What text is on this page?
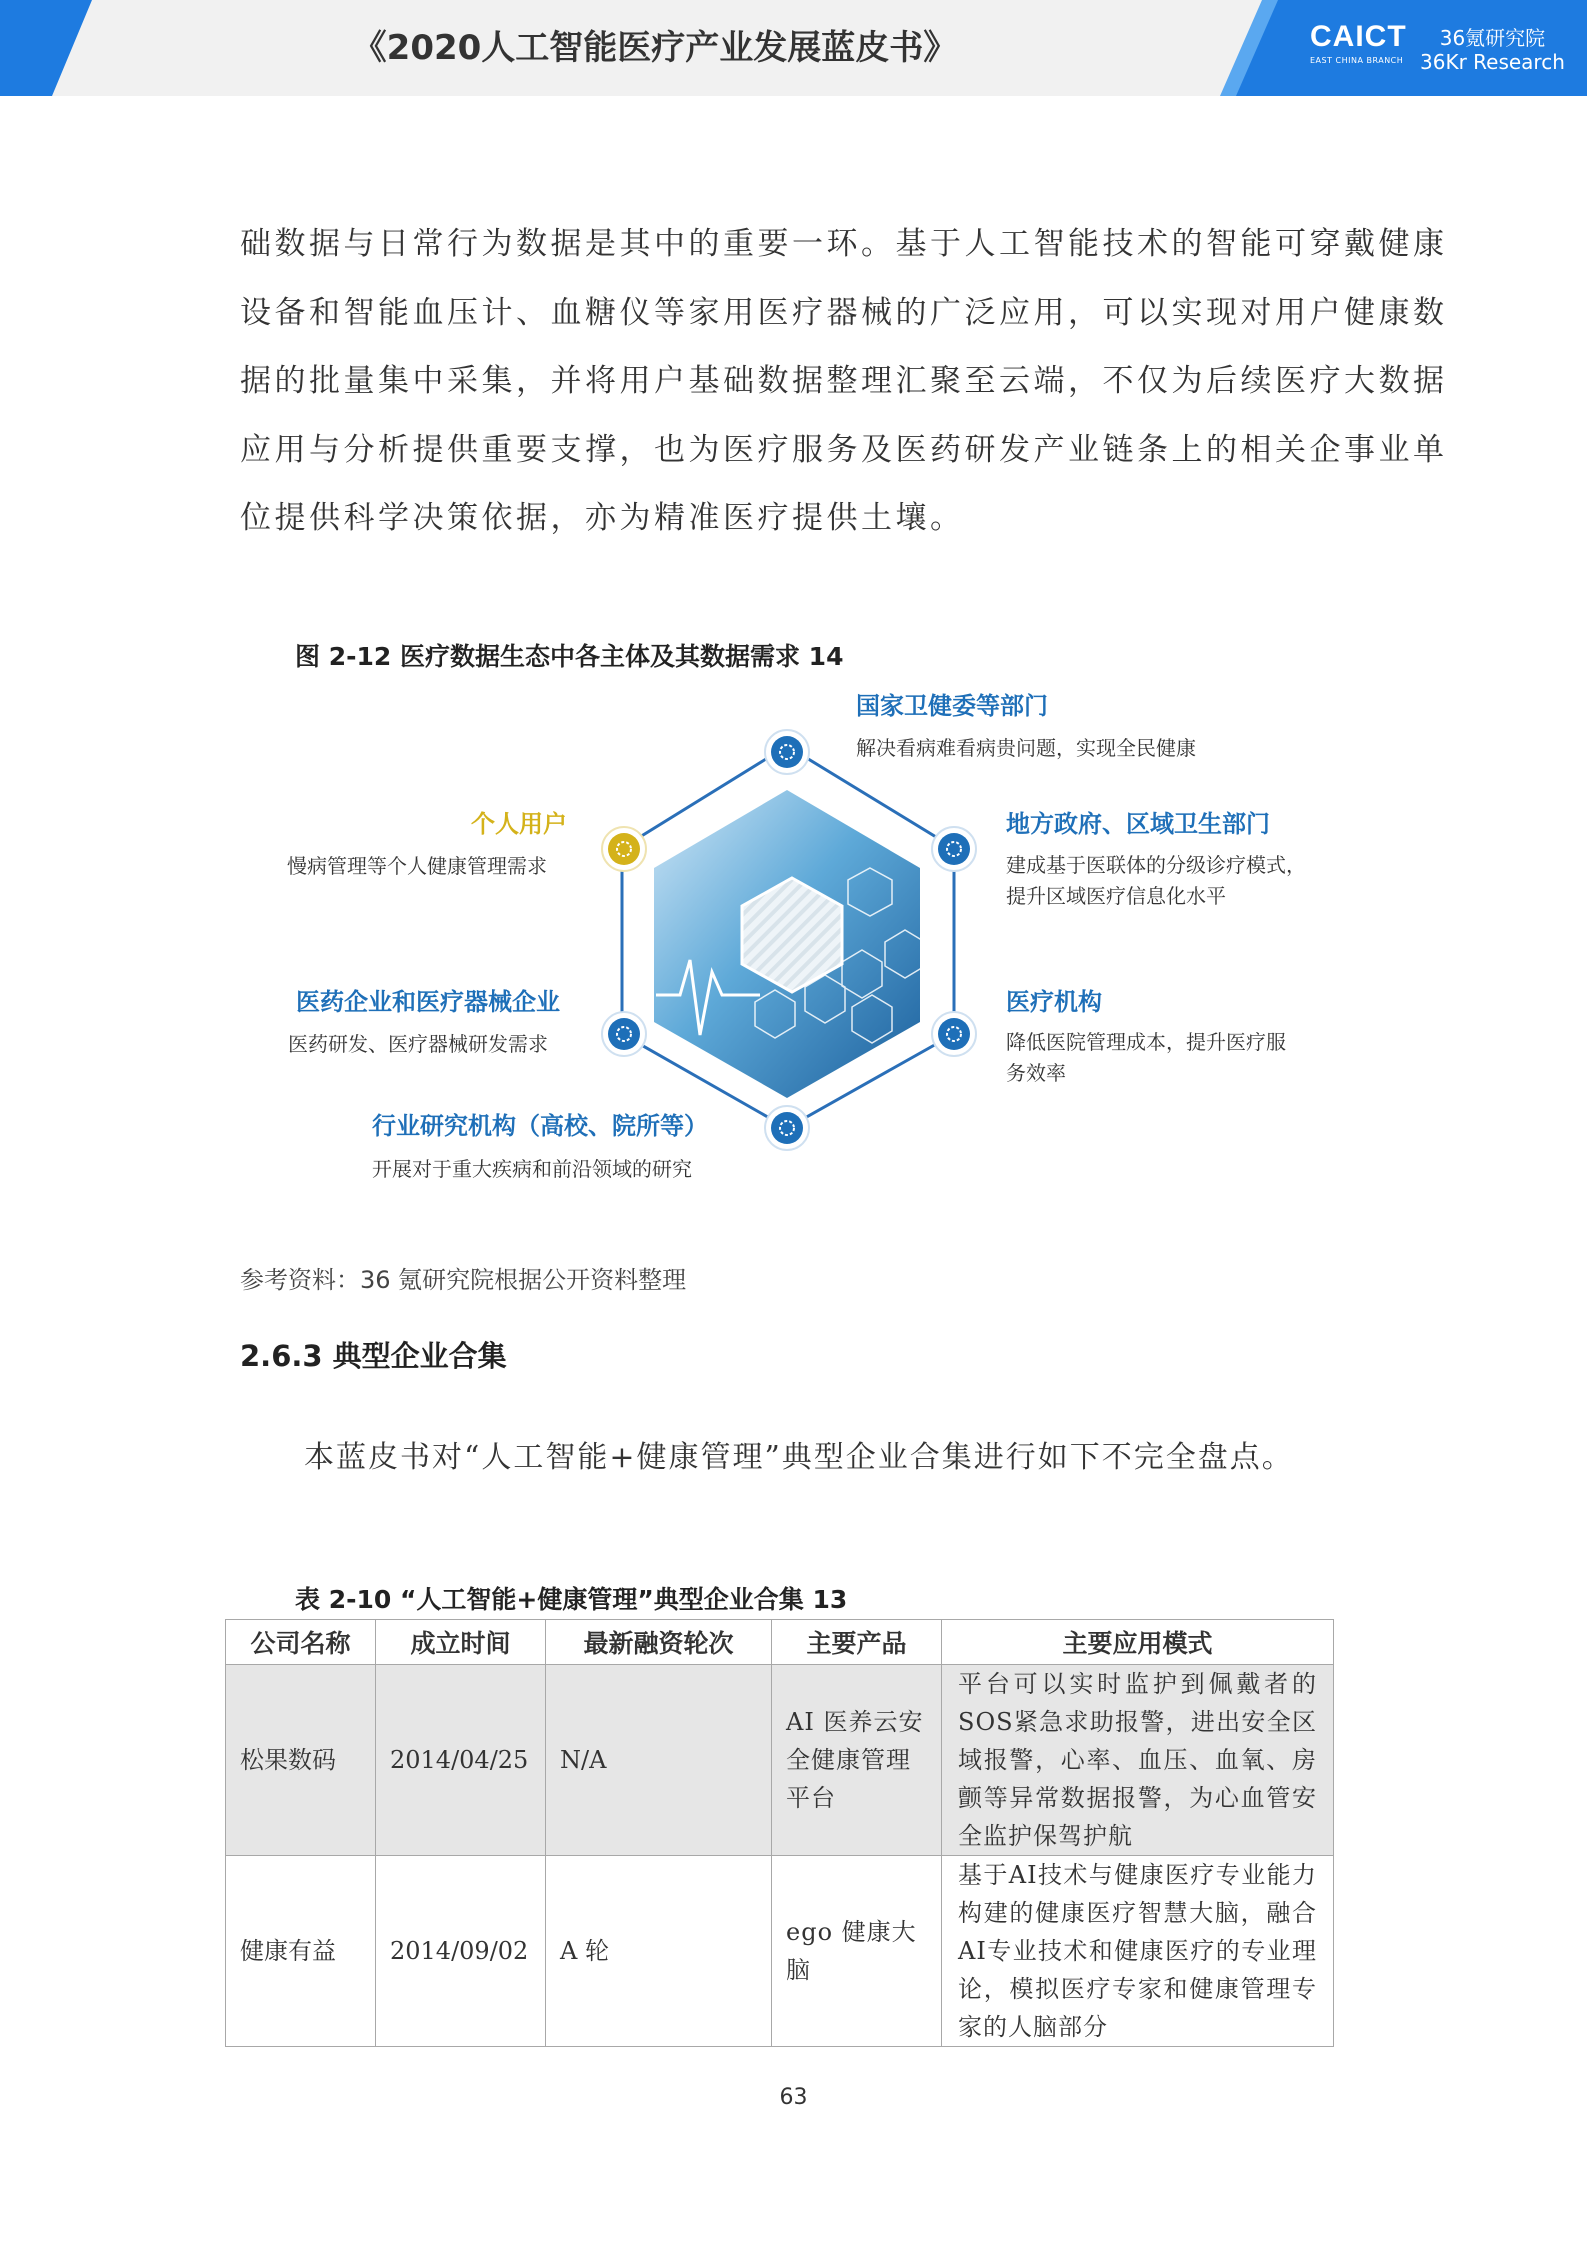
《2020人工智能医疗产业发展蓝皮书》	CAICT
EAST CHINA BRANCH
36氪研究院
36Kr Research
础数据与日常行为数据是其中的重要一环。基于人工智能技术的智能可穿戴健康
设备和智能血压计、血糖仪等家用医疗器械的广泛应用，可以实现对用户健康数
据的批量集中采集，并将用户基础数据整理汇聚至云端，不仅为后续医疗大数据
应用与分析提供重要支撑，也为医疗服务及医药研发产业链条上的相关企事业单
位提供科学决策依据，亦为精准医疗提供土壤。
图 2-12 医疗数据生态中各主体及其数据需求 14
国家卫健委等部门
解决看病难看病贵问题，实现全民健康
地方政府、区域卫生部门
建成基于医联体的分级诊疗模式，
提升区域医疗信息化水平
医疗机构
降低医院管理成本，提升医疗服
务效率
行业研究机构（高校、院所等）
开展对于重大疾病和前沿领域的研究
医药企业和医疗器械企业
医药研发、医疗器械研发需求
个人用户
慢病管理等个人健康管理需求
参考资料：36 氪研究院根据公开资料整理
2.6.3 典型企业合集
本蓝皮书对“人工智能+健康管理”典型企业合集进行如下不完全盘点。
表 2-10 “人工智能+健康管理”典型企业合集 13
公司名称	成立时间	最新融资轮次	主要产品	主要应用模式
松果数码	2014/04/25	N/A	AI 医养云安全健康管理平台	平台可以实时监护到佩戴者的SOS紧急求助报警，进出安全区域报警，心率、血压、血氧、房颤等异常数据报警，为心血管安全监护保驾护航
健康有益	2014/09/02	A 轮	ego 健康大脑	基于AI技术与健康医疗专业能力构建的健康医疗智慧大脑，融合AI专业技术和健康医疗的专业理论，模拟医疗专家和健康管理专家的人脑部分
63
